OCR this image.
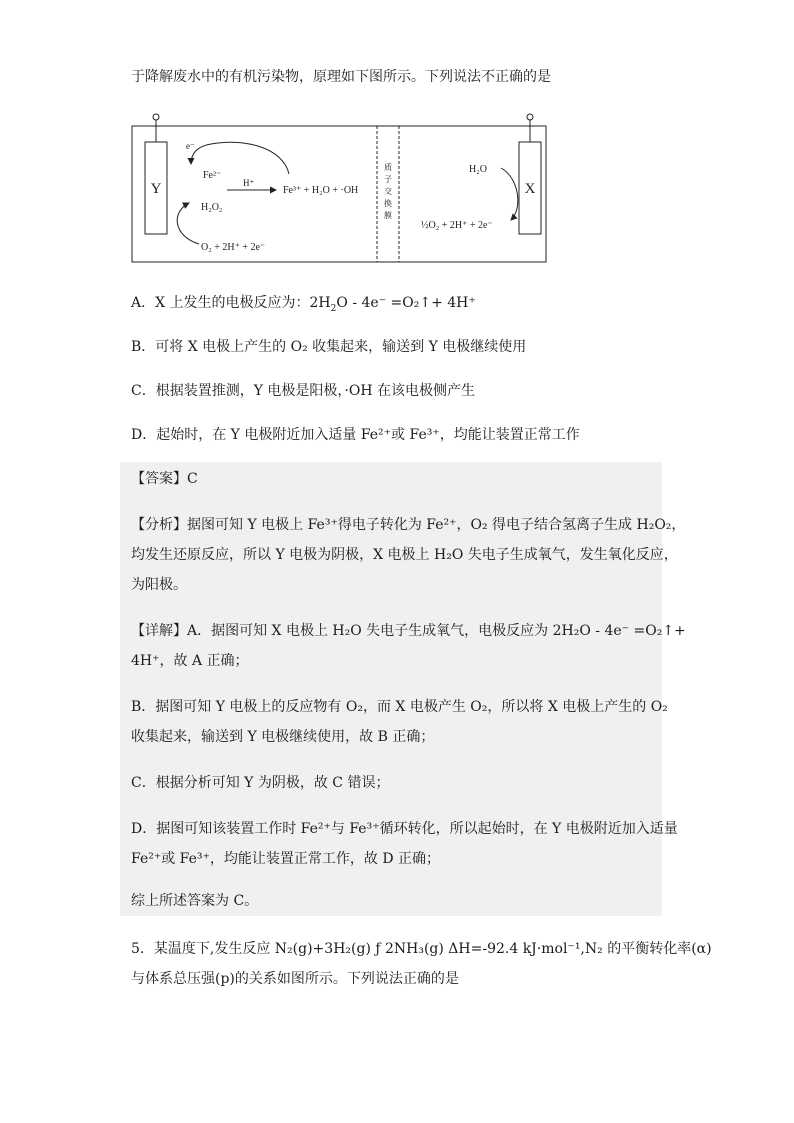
于降解废水中的有机污染物，原理如下图所示。下列说法不正确的是
Y	X
质
子
交
换
膜
e⁻
Fe²⁻
H⁺
Fe³⁺ + H₂O + ·OH
H₂O₂
O₂ + 2H⁺ + 2e⁻
H₂O
½O₂ + 2H⁺ + 2e⁻
A．X 上发生的电极反应为：$2H_2O - 4e^-$ =O₂↑+ 4H⁺
B．可将 X 电极上产生的 O₂ 收集起来，输送到 Y 电极继续使用
C．根据装置推测，Y 电极是阳极，·OH 在该电极侧产生
D．起始时，在 Y 电极附近加入适量 Fe²⁺或 Fe³⁺，均能让装置正常工作
【答案】C
【分析】据图可知 Y 电极上 Fe³⁺得电子转化为 Fe²⁺，O₂ 得电子结合氢离子生成 H₂O₂，
均发生还原反应，所以 Y 电极为阴极，X 电极上 H₂O 失电子生成氧气，发生氧化反应，
为阳极。
【详解】A．据图可知 X 电极上 H₂O 失电子生成氧气，电极反应为 2H₂O - 4e⁻ =O₂↑+
4H⁺，故 A 正确；
B．据图可知 Y 电极上的反应物有 O₂，而 X 电极产生 O₂，所以将 X 电极上产生的 O₂
收集起来，输送到 Y 电极继续使用，故 B 正确；
C．根据分析可知 Y 为阴极，故 C 错误；
D．据图可知该装置工作时 Fe²⁺与 Fe³⁺循环转化，所以起始时，在 Y 电极附近加入适量
Fe²⁺或 Fe³⁺，均能让装置正常工作，故 D 正确；
综上所述答案为 C。
5．某温度下,发生反应 N₂(g)+3H₂(g) ƒ 2NH₃(g) ΔH=-92.4 kJ·mol⁻¹,N₂ 的平衡转化率(α)
与体系总压强(p)的关系如图所示。下列说法正确的是
